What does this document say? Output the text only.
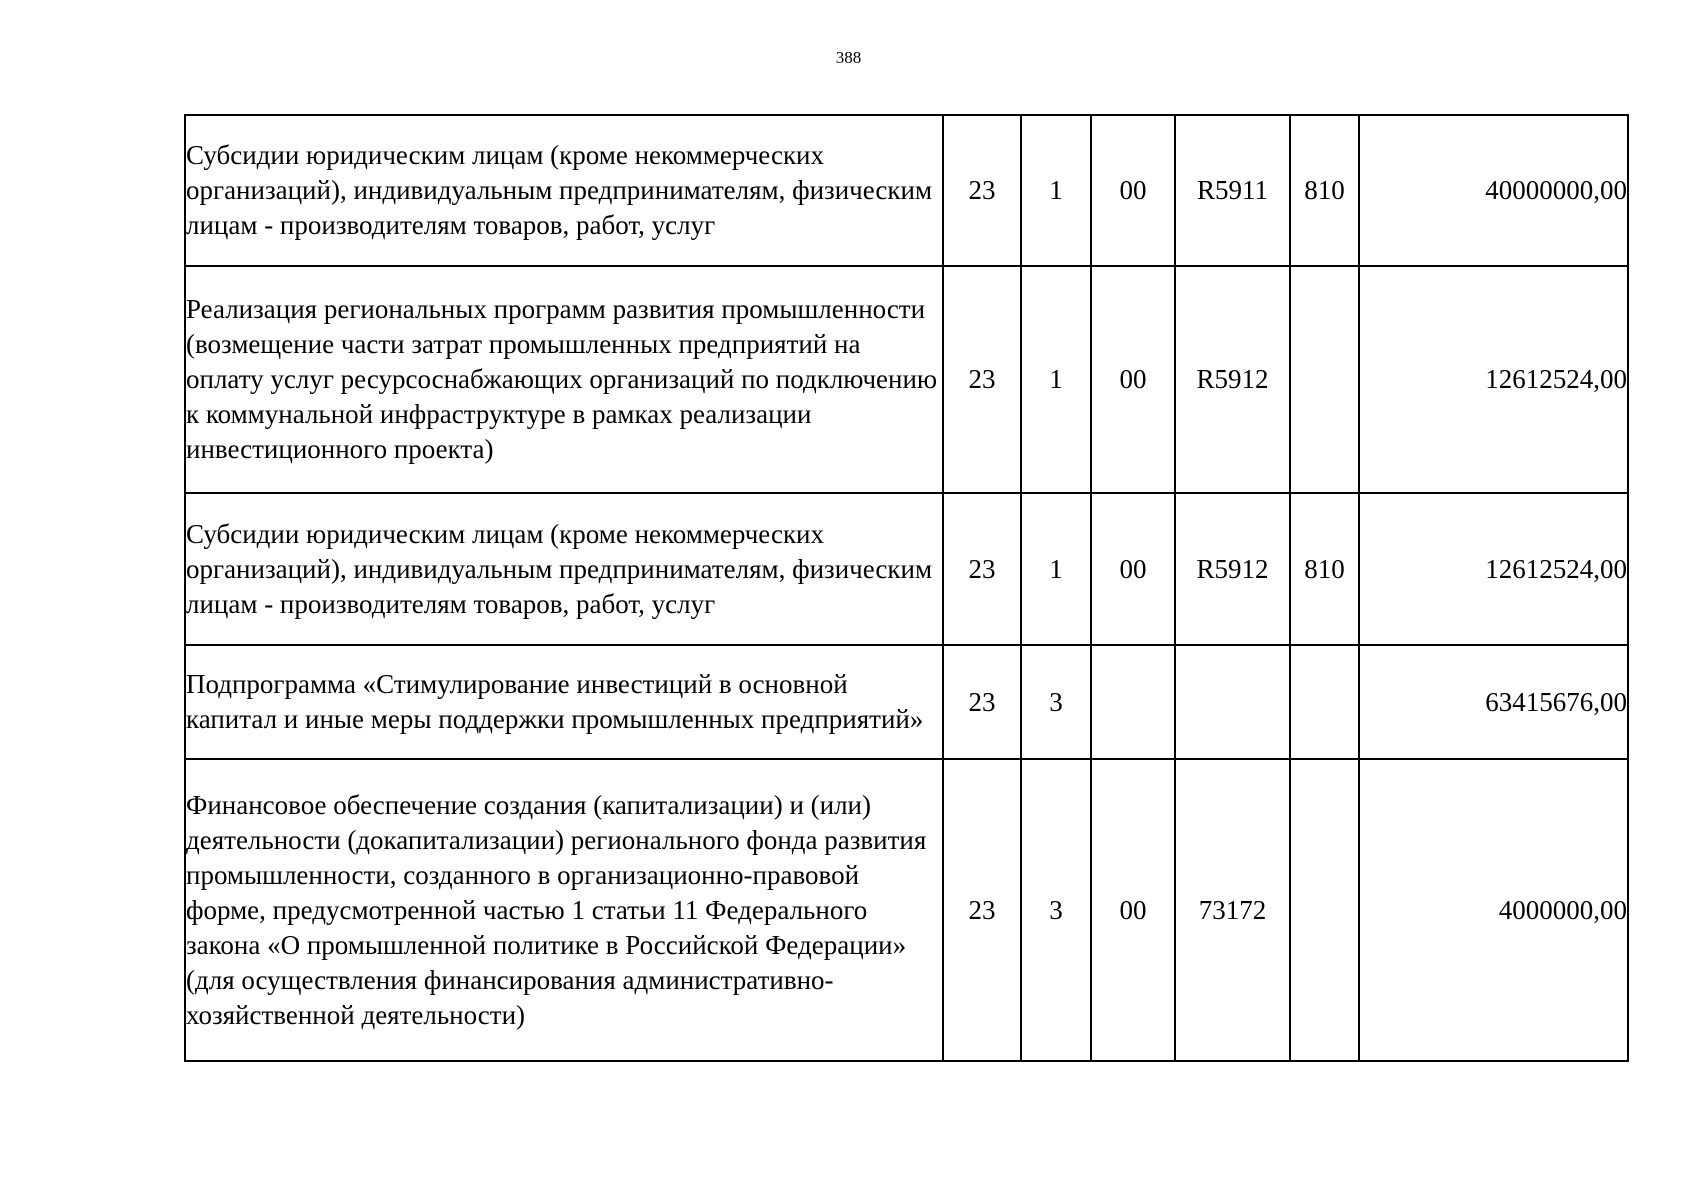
388
Субсидии юридическим лицам (кроме некоммерческих организаций), индивидуальным предпринимателям, физическим лицам - производителям товаров, работ, услуг	23	1	00	R5911	810	40000000,00
Реализация региональных программ развития промышленности (возмещение части затрат промышленных предприятий на оплату услуг ресурсоснабжающих организаций по подключению к коммунальной инфраструктуре в рамках реализации инвестиционного проекта)	23	1	00	R5912		12612524,00
Субсидии юридическим лицам (кроме некоммерческих организаций), индивидуальным предпринимателям, физическим лицам - производителям товаров, работ, услуг	23	1	00	R5912	810	12612524,00
Подпрограмма «Стимулирование инвестиций в основной капитал и иные меры поддержки промышленных предприятий»	23	3				63415676,00
Финансовое обеспечение создания (капитализации) и (или) деятельности (докапитализации) регионального фонда развития промышленности, созданного в организационно-правовой форме, предусмотренной частью 1 статьи 11 Федерального закона «О промышленной политике в Российской Федерации» (для осуществления финансирования административно-хозяйственной деятельности)	23	3	00	73172		4000000,00
